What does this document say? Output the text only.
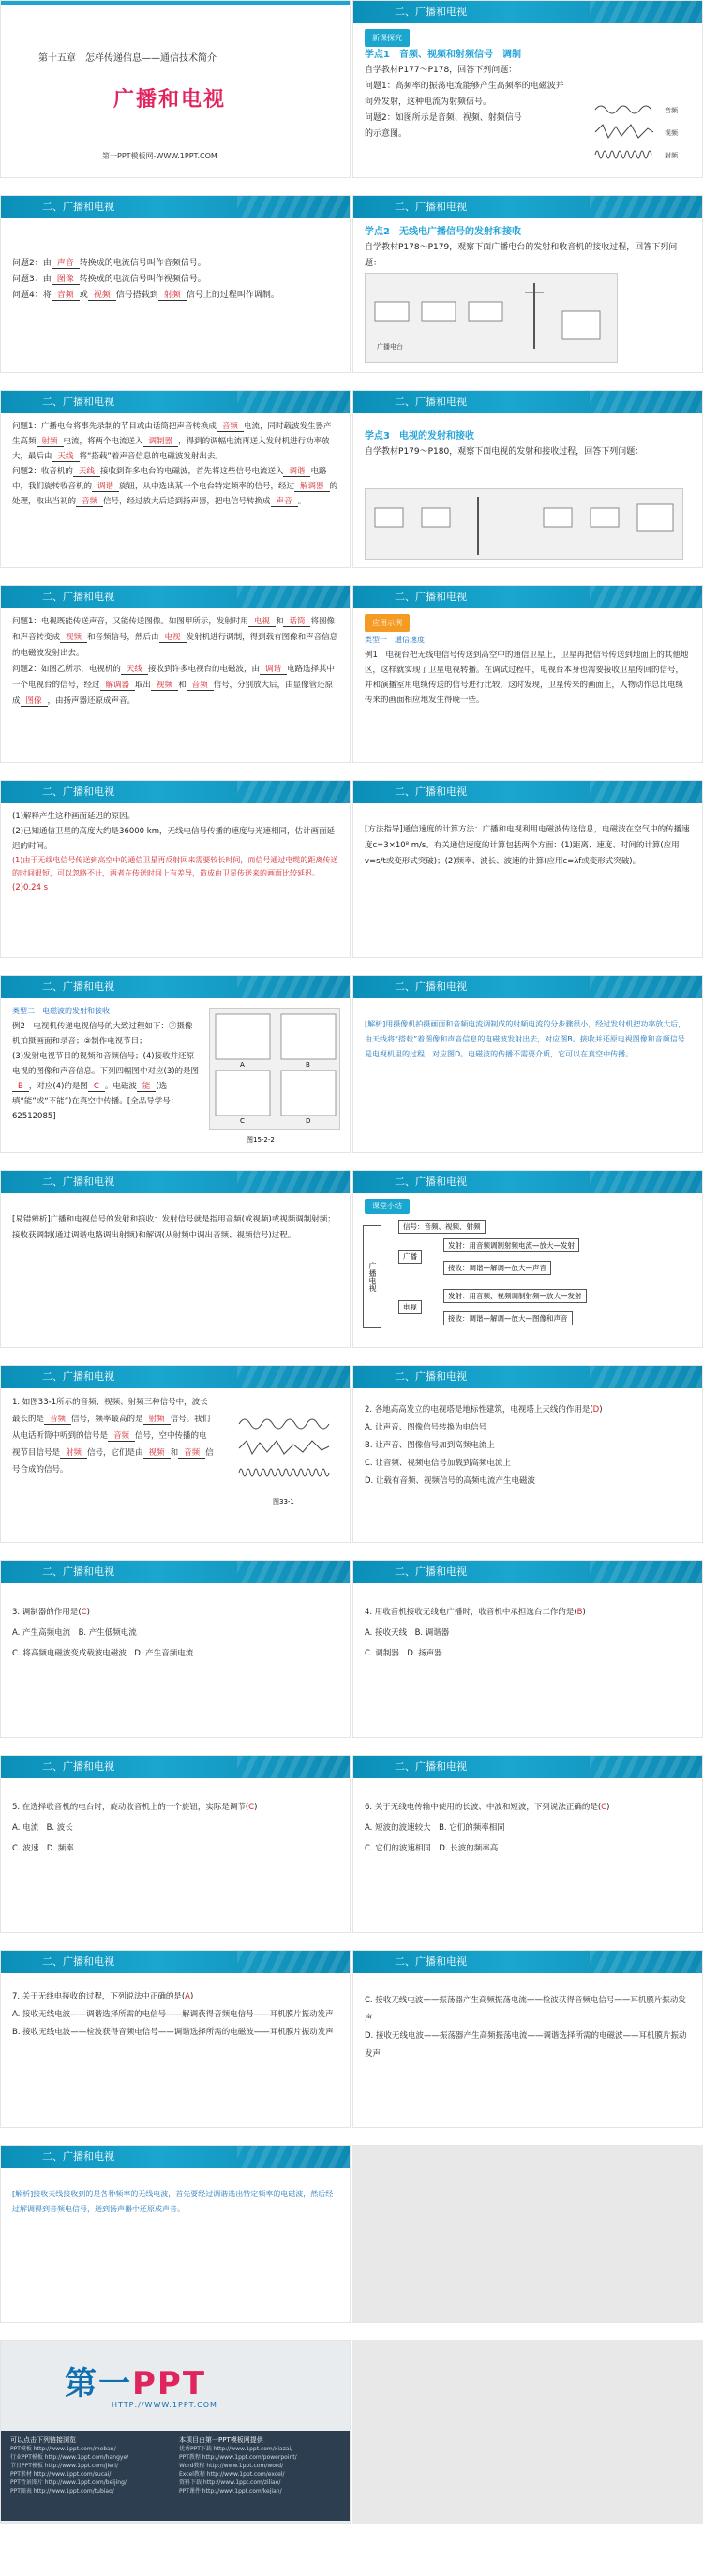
第十五章　怎样传递信息——通信技术简介
广播和电视
第一PPT模板网-WWW.1PPT.COM
二、广播和电视
新课探究
学点1　音频、视频和射频信号　调制
自学教材P177～P178，回答下列问题：
问题1：高频率的振荡电流能够产生高频率的电磁波并向外发射，这种电流为射频信号。
问题2：如图所示是音频、视频、射频信号的示意图。
音频
视频
射频
二、广播和电视
问题2：由 声音 转换成的电流信号叫作音频信号。
问题3：由 图像 转换成的电流信号叫作视频信号。
问题4：将 音频 或 视频 信号搭载到 射频 信号上的过程叫作调制。
二、广播和电视
学点2　无线电广播信号的发射和接收
自学教材P178～P179，观察下面广播电台的发射和收音机的接收过程，回答下列问题：
广播电台
二、广播和电视
问题1：广播电台将事先录制的节目或由话筒把声音转换成 音频 电流，同时载波发生器产生高频 射频 电流，将两个电流送入 调制器 ，得到的调幅电流再送入发射机进行功率放大，最后由 天线 将“搭载”着声音信息的电磁波发射出去。
问题2：收音机的 天线 接收到许多电台的电磁波，首先将这些信号电流送入 调谐 电路中，我们旋转收音机的 调谐 旋钮，从中选出某一个电台特定频率的信号，经过 解调器 的处理，取出当初的 音频 信号，经过放大后送到扬声器，把电信号转换成 声音 。
二、广播和电视
学点3　电视的发射和接收
自学教材P179～P180，观察下面电视的发射和接收过程，回答下列问题：
二、广播和电视
问题1：电视既能传送声音，又能传送图像。如图甲所示，发射时用 电视 和 话筒 将图像和声音转变成 视频 和音频信号，然后由 电视 发射机进行调制，得到载有图像和声音信息的电磁波发射出去。
问题2：如图乙所示，电视机的 天线 接收到许多电视台的电磁波，由 调谐 电路选择其中一个电视台的信号，经过 解调器 取出 视频 和 音频 信号，分别放大后，由显像管还原成 图像 ，由扬声器还原成声音。
二、广播和电视
应用示例
类型一　通信速度
例1　电视台把无线电信号传送到高空中的通信卫星上，卫星再把信号传送到地面上的其他地区，这样就实现了卫星电视转播。在调试过程中，电视台本身也需要接收卫星传回的信号，并和演播室用电缆传送的信号进行比较，这时发现，卫星传来的画面上，人物动作总比电缆传来的画面相应地发生得晚一些。
二、广播和电视
(1)解释产生这种画面延迟的原因。
(2)已知通信卫星的高度大约是36000 km，无线电信号传播的速度与光速相同，估计画面延迟的时间。
(1)由于无线电信号传送到高空中的通信卫星再反射回来需要较长时间，而信号通过电缆的距离传送的时间很短，可以忽略不计，两者在传送时间上有差异，造成由卫星传送来的画面比较延迟。
(2)0.24 s
二、广播和电视
[方法指导]通信速度的计算方法：广播和电视利用电磁波传送信息，电磁波在空气中的传播速度c=3×10⁸ m/s。有关通信速度的计算包括两个方面：(1)距离、速度、时间的计算(应用v=s/t或变形式突破)；(2)频率、波长、波速的计算(应用c=λf或变形式突破)。
二、广播和电视
类型二　电磁波的发射和接收
例2　电视机传递电视信号的大致过程如下：Ⓕ摄像机拍摄画面和录音；②制作电视节目；
(3)发射电视节目的视频和音频信号；(4)接收并还原电视的图像和声音信息。下列四幅图中对应(3)的是图B ，对应(4)的是图 C 。电磁波 能 (选填“能”或“不能”)在真空中传播。[全品导学号：62512085]
A	B
C	D
图15-2-2
二、广播和电视
[解析]用摄像机拍摄画面和音频电流调制成的射频电流的分步骤很小，经过发射机把功率放大后，由天线将“搭载”着图像和声音信息的电磁波发射出去，对应图B。接收并还原电视图像和音频信号是电视机里的过程，对应图D。电磁波的传播不需要介质，它可以在真空中传播。
二、广播和电视
[易错辨析]广播和电视信号的发射和接收：发射信号就是指用音频(或视频)或视频调制射频；接收获调制(通过调谐电路调出射频)和解调(从射频中调出音频、视频信号)过程。
二、广播和电视
课堂小结
广播电视
信号：音频、视频、射频
广播
发射：用音频调制射频电流—放大—发射
接收：调谐—解调—放大—声音
电视
发射：用音频、视频调制射频—放大—发射
接收：调谐—解调—放大—图像和声音
二、广播和电视
1. 如图33-1所示的音频、视频、射频三种信号中，波长最长的是 音频 信号，频率最高的是 射频 信号。我们从电话听筒中听到的信号是 音频 信号，空中传播的电视节目信号是 射频 信号，它们是由 视频 和 音频 信号合成的信号。
图33-1
二、广播和电视
2. 各地高高发立的电视塔是地标性建筑，电视塔上天线的作用是(D)
A. 让声音、图像信号转换为电信号
B. 让声音、图像信号加到高频电流上
C. 让音频、视频电信号加载到高频电流上
D. 让载有音频、视频信号的高频电流产生电磁波
二、广播和电视
3. 调制器的作用是(C)
A. 产生高频电流　B. 产生低频电流
C. 将高频电磁波变成载波电磁波　D. 产生音频电流
二、广播和电视
4. 用收音机接收无线电广播时，收音机中承担选台工作的是(B)
A. 接收天线　B. 调谐器
C. 调制器　D. 扬声器
二、广播和电视
5. 在选择收音机的电台时，旋动收音机上的一个旋钮，实际是调节(C)
A. 电流　B. 波长
C. 波速　D. 频率
二、广播和电视
6. 关于无线电传输中使用的长波、中波和短波，下列说法正确的是(C)
A. 短波的波速较大　B. 它们的频率相同
C. 它们的波速相同　D. 长波的频率高
二、广播和电视
7. 关于无线电接收的过程，下列说法中正确的是(A)
A. 接收无线电波——调谐选择所需的电信号——解调获得音频电信号——耳机膜片振动发声
B. 接收无线电波——检波获得音频电信号——调谐选择所需的电磁波——耳机膜片振动发声
二、广播和电视
C. 接收无线电波——振荡器产生高频振荡电流——检波获得音频电信号——耳机膜片振动发声
D. 接收无线电波——振荡器产生高频振荡电流——调谐选择所需的电磁波——耳机膜片振动发声
二、广播和电视
[解析]接收天线接收到的是各种频率的无线电波，首先要经过调谐选出特定频率的电磁波，然后经过解调得到音频电信号，送到扬声器中还原成声音。
第一PPT
HTTP://WWW.1PPT.COM
可以点击下列链接浏览
PPT模板 http://www.1ppt.com/moban/
行业PPT模板 http://www.1ppt.com/hangye/
节日PPT模板 http://www.1ppt.com/jieri/
PPT素材 http://www.1ppt.com/sucai/
PPT背景图片 http://www.1ppt.com/beijing/
PPT图表 http://www.1ppt.com/tubiao/
本项目由第一PPT模板网提供
优秀PPT下载 http://www.1ppt.com/xiazai/
PPT教程 http://www.1ppt.com/powerpoint/
Word教程 http://www.1ppt.com/word/
Excel教程 http://www.1ppt.com/excel/
资料下载 http://www.1ppt.com/ziliao/
PPT课件 http://www.1ppt.com/kejian/
